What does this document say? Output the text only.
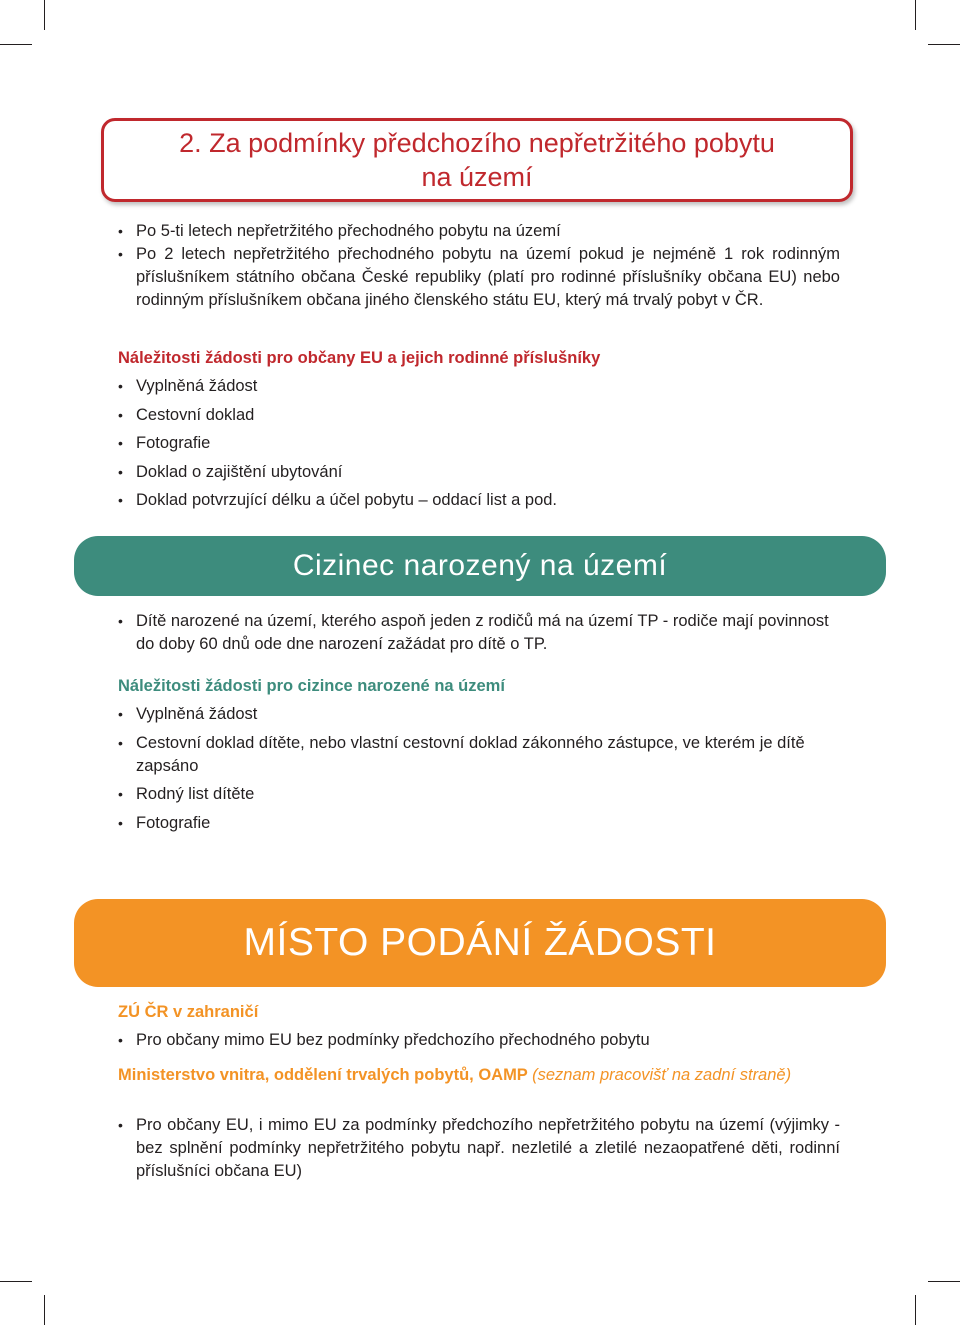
2. Za podmínky předchozího nepřetržitého pobytu
na území
• Po 5-ti letech nepřetržitého přechodného pobytu na území
• Po 2 letech nepřetržitého přechodného pobytu na území pokud je nejméně 1 rok rodinným příslušníkem státního občana České republiky (platí pro rodinné příslušníky občana EU) nebo rodinným příslušníkem občana jiného členského státu EU, který má trvalý pobyt v ČR.

Náležitosti žádosti pro občany EU a jejich rodinné příslušníky

• Vyplněná žádost
• Cestovní doklad
• Fotografie
• Doklad o zajištění ubytování
• Doklad potvrzující délku a účel pobytu – oddací list a pod.
Cizinec narozený na území
• Dítě narozené na území, kterého aspoň jeden z rodičů má na území TP - rodiče mají povinnost do doby 60 dnů ode dne narození zažádat pro dítě o TP.

Náležitosti žádosti pro cizince narozené na území

• Vyplněná žádost
• Cestovní doklad dítěte, nebo vlastní cestovní doklad zákonného zástupce, ve kterém je dítě zapsáno
• Rodný list dítěte
• Fotografie
MÍSTO PODÁNÍ ŽÁDOSTI

ZÚ ČR v zahraničí

• Pro občany mimo EU bez podmínky předchozího přechodného pobytu

Ministerstvo vnitra, oddělení trvalých pobytů, OAMP (seznam pracovišť na zadní straně)

• Pro občany EU, i mimo EU za podmínky předchozího nepřetržitého pobytu na území (výjimky - bez splnění podmínky nepřetržitého pobytu např. nezletilé a zletilé nezaopatřené děti, rodinní příslušníci občana EU)
